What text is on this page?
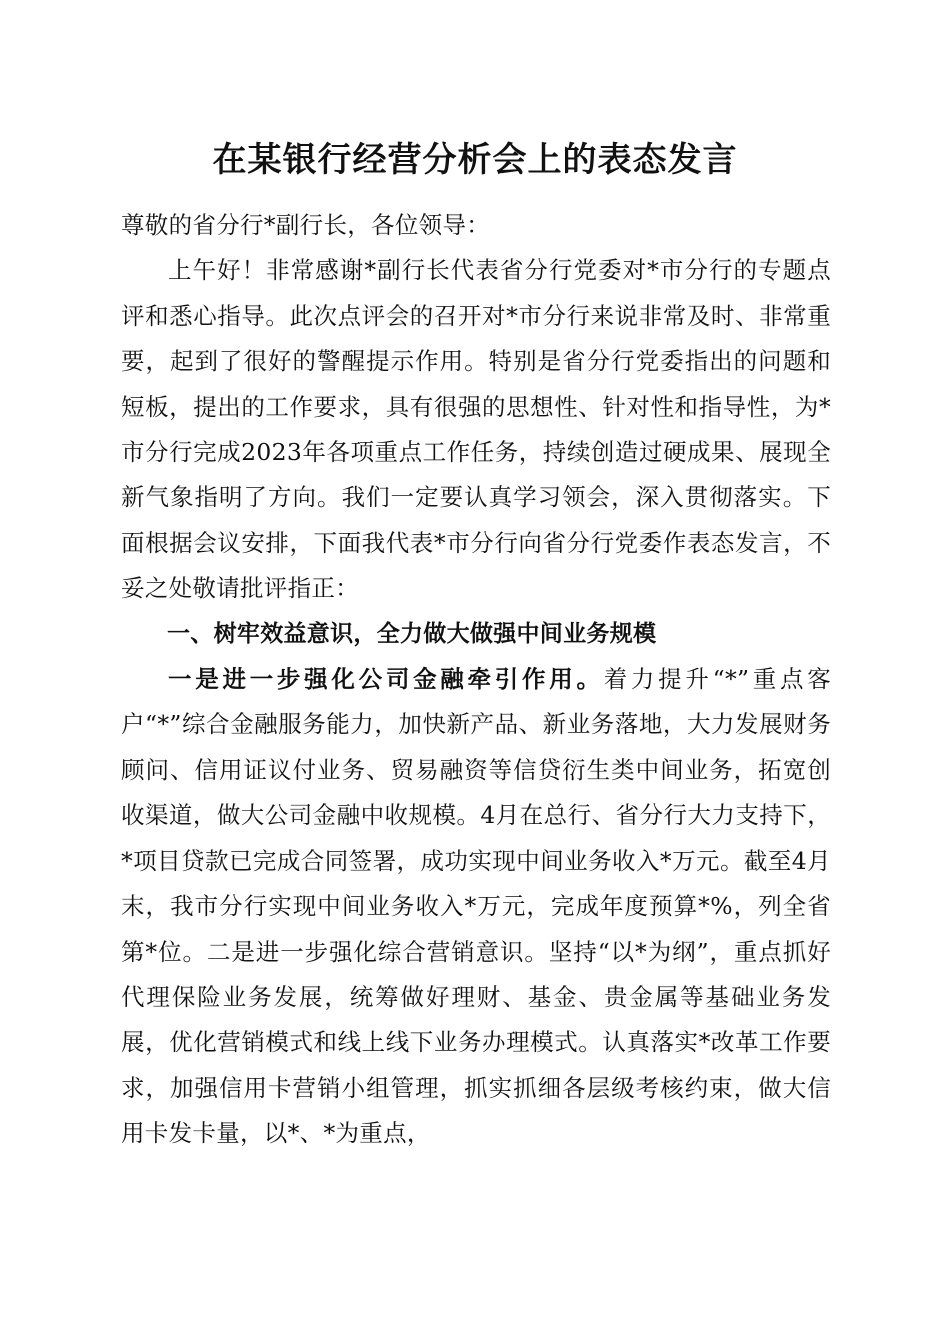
在某银行经营分析会上的表态发言

尊敬的省分行*副行长，各位领导：

上午好！非常感谢*副行长代表省分行党委对*市分行的专题点评和悉心指导。此次点评会的召开对*市分行来说非常及时、非常重要，起到了很好的警醒提示作用。特别是省分行党委指出的问题和短板，提出的工作要求，具有很强的思想性、针对性和指导性，为*市分行完成2023年各项重点工作任务，持续创造过硬成果、展现全新气象指明了方向。我们一定要认真学习领会，深入贯彻落实。下面根据会议安排，下面我代表*市分行向省分行党委作表态发言，不妥之处敬请批评指正：

一、树牢效益意识，全力做大做强中间业务规模

一是进一步强化公司金融牵引作用。着力提升“*”重点客户“*”综合金融服务能力，加快新产品、新业务落地，大力发展财务顾问、信用证议付业务、贸易融资等信贷衍生类中间业务，拓宽创收渠道，做大公司金融中收规模。4月在总行、省分行大力支持下，*项目贷款已完成合同签署，成功实现中间业务收入*万元。截至4月末，我市分行实现中间业务收入*万元，完成年度预算*%，列全省第*位。二是进一步强化综合营销意识。坚持“以*为纲”，重点抓好代理保险业务发展，统筹做好理财、基金、贵金属等基础业务发展，优化营销模式和线上线下业务办理模式。认真落实*改革工作要求，加强信用卡营销小组管理，抓实抓细各层级考核约束，做大信用卡发卡量，以*、*为重点，
